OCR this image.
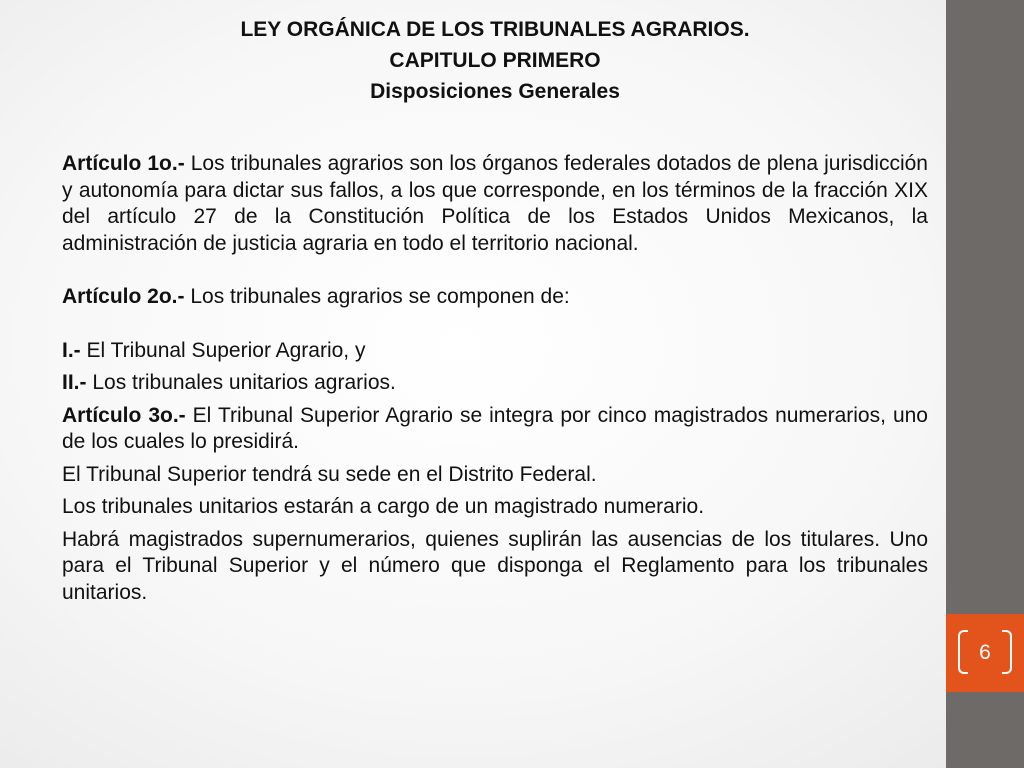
LEY ORGÁNICA DE LOS TRIBUNALES AGRARIOS.
CAPITULO PRIMERO
Disposiciones Generales

Artículo 1o.- Los tribunales agrarios son los órganos federales dotados de plena jurisdicción y autonomía para dictar sus fallos, a los que corresponde, en los términos de la fracción XIX del artículo 27 de la Constitución Política de los Estados Unidos Mexicanos, la administración de justicia agraria en todo el territorio nacional.

Artículo 2o.- Los tribunales agrarios se componen de:

I.- El Tribunal Superior Agrario, y

II.- Los tribunales unitarios agrarios.

Artículo 3o.- El Tribunal Superior Agrario se integra por cinco magistrados numerarios, uno de los cuales lo presidirá.

El Tribunal Superior tendrá su sede en el Distrito Federal.

Los tribunales unitarios estarán a cargo de un magistrado numerario.

Habrá magistrados supernumerarios, quienes suplirán las ausencias de los titulares. Uno para el Tribunal Superior y el número que disponga el Reglamento para los tribunales unitarios.

6
